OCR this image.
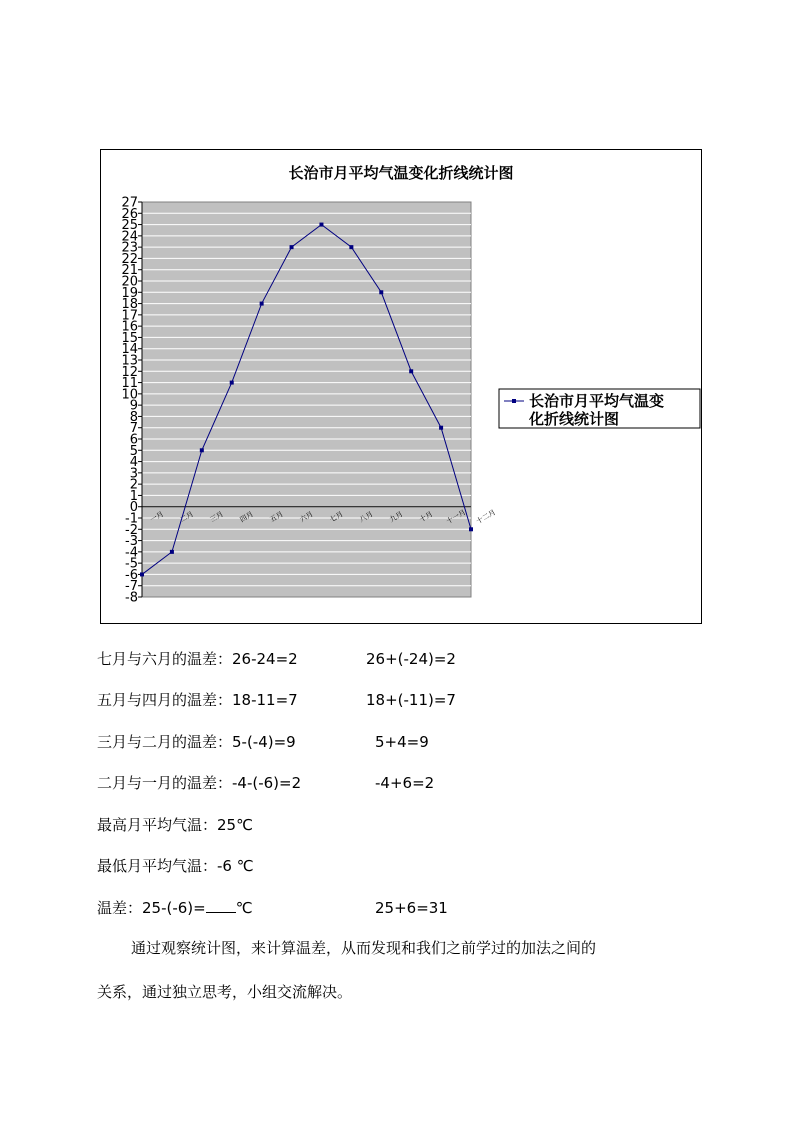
长治市月平均气温变化折线统计图
-8
-7
-6
-5
-4
-3
-2
-1
0
1
2
3
4
5
6
7
8
9
10
11
12
13
14
15
16
17
18
19
20
21
22
23
24
25
26
27
一月 二月 三月 四月 五月 六月 七月 八月 九月 十月 十一月 十二月
长治市月平均气温变
化折线统计图
七月与六月的温差：26-24=2	26+(-24)=2
五月与四月的温差：18-11=7	18+(-11)=7
三月与二月的温差：5-(-4)=9	5+4=9
二月与一月的温差：-4-(-6)=2	-4+6=2
最高月平均气温：25℃
最低月平均气温：-6 ℃
温差：25-(-6)= ℃	25+6=31
通过观察统计图，来计算温差，从而发现和我们之前学过的加法之间的
关系，通过独立思考，小组交流解决。
